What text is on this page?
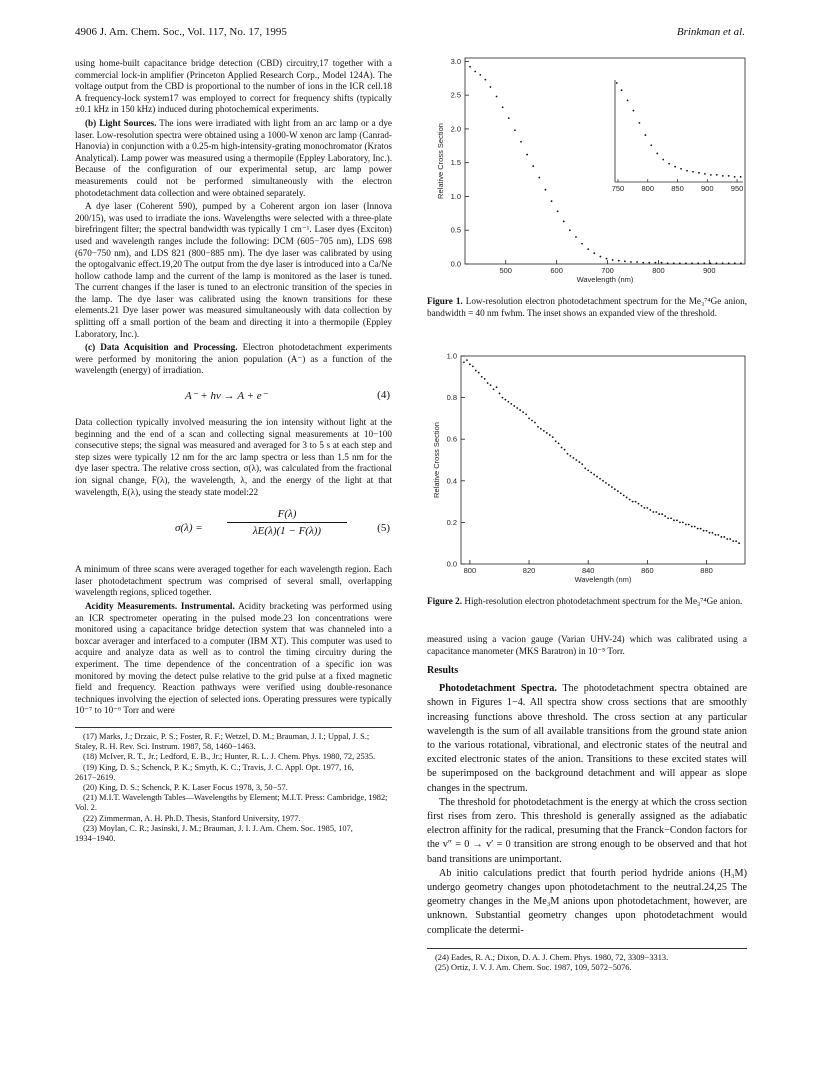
4906 J. Am. Chem. Soc., Vol. 117, No. 17, 1995	Brinkman et al.

using home-built capacitance bridge detection (CBD) circuitry,17 together with a commercial lock-in amplifier (Princeton Applied Research Corp., Model 124A). The voltage output from the CBD is proportional to the number of ions in the ICR cell.18 A frequency-lock system17 was employed to correct for frequency shifts (typically ±0.1 kHz in 150 kHz) induced during photochemical experiments.

(b) Light Sources. The ions were irradiated with light from an arc lamp or a dye laser. Low-resolution spectra were obtained using a 1000-W xenon arc lamp (Canrad-Hanovia) in conjunction with a 0.25-m high-intensity-grating monochromator (Kratos Analytical). Lamp power was measured using a thermopile (Eppley Laboratory, Inc.). Because of the configuration of our experimental setup, arc lamp power measurements could not be performed simultaneously with the electron photodetachment data collection and were obtained separately.

A dye laser (Coherent 590), pumped by a Coherent argon ion laser (Innova 200/15), was used to irradiate the ions. Wavelengths were selected with a three-plate birefringent filter; the spectral bandwidth was typically 1 cm⁻¹. Laser dyes (Exciton) used and wavelength ranges include the following: DCM (605−705 nm), LDS 698 (670−750 nm), and LDS 821 (800−885 nm). The dye laser was calibrated by using the optogalvanic effect.19,20 The output from the dye laser is introduced into a Ca/Ne hollow cathode lamp and the current of the lamp is monitored as the laser is tuned. The current changes if the laser is tuned to an electronic transition of the species in the lamp. The dye laser was calibrated using the known transitions for these elements.21 Dye laser power was measured simultaneously with data collection by splitting off a small portion of the beam and directing it into a thermopile (Eppley Laboratory, Inc.).

(c) Data Acquisition and Processing. Electron photodetachment experiments were performed by monitoring the anion population (A⁻) as a function of the wavelength (energy) of irradiation.

A⁻ + hν → A + e⁻	(4)

Data collection typically involved measuring the ion intensity without light at the beginning and the end of a scan and collecting signal measurements at 10−100 consecutive steps; the signal was measured and averaged for 3 to 5 s at each step and step sizes were typically 12 nm for the arc lamp spectra or less than 1.5 nm for the dye laser spectra. The relative cross section, σ(λ), was calculated from the fractional ion signal change, F(λ), the wavelength, λ, and the energy of the light at that wavelength, E(λ), using the steady state model:22

$\sigma(\lambda) = \frac{F(\lambda)}{\lambda E(\lambda)(1 - F(\lambda))}$	(5)

A minimum of three scans were averaged together for each wavelength region. Each laser photodetachment spectrum was comprised of several small, overlapping wavelength regions, spliced together.

Acidity Measurements. Instrumental. Acidity bracketing was performed using an ICR spectrometer operating in the pulsed mode.23 Ion concentrations were monitored using a capacitance bridge detection system that was channeled into a boxcar averager and interfaced to a computer (IBM XT). This computer was used to acquire and analyze data as well as to control the timing circuitry during the experiment. The time dependence of the concentration of a specific ion was monitored by moving the detect pulse relative to the grid pulse at a fixed magnetic field and frequency. Reaction pathways were verified using double-resonance techniques involving the ejection of selected ions. Operating pressures were typically 10⁻⁷ to 10⁻⁶ Torr and were

(17) Marks, J.; Drzaic, P. S.; Foster, R. F.; Wetzel, D. M.; Brauman, J. I.; Uppal, J. S.; Staley, R. H. Rev. Sci. Instrum. 1987, 58, 1460−1463.

(18) McIver, R. T., Jr.; Ledford, E. B., Jr.; Hunter, R. L. J. Chem. Phys. 1980, 72, 2535.

(19) King, D. S.; Schenck, P. K.; Smyth, K. C.; Travis, J. C. Appl. Opt. 1977, 16, 2617−2619.

(20) King, D. S.; Schenck, P. K. Laser Focus 1978, 3, 50−57.

(21) M.I.T. Wavelength Tables—Wavelengths by Element; M.I.T. Press: Cambridge, 1982; Vol. 2.

(22) Zimmerman, A. H. Ph.D. Thesis, Stanford University, 1977.

(23) Moylan, C. R.; Jasinski, J. M.; Brauman, J. I. J. Am. Chem. Soc. 1985, 107, 1934−1940.

500	600	700	800	900
0.0
0.5
1.0
1.5
2.0
2.5
3.0
Wavelength (nm)
Relative Cross Section	750 800 850 900 950
Figure 1. Low-resolution electron photodetachment spectrum for the Me₃⁷⁴Ge anion, bandwidth = 40 nm fwhm. The inset shows an expanded view of the threshold.
800	820	840	860	880
0.0
0.2
0.4
0.6
0.8
1.0
Wavelength (nm)
Relative Cross Section
Figure 2. High-resolution electron photodetachment spectrum for the Me₃⁷⁴Ge anion.

measured using a vacion gauge (Varian UHV-24) which was calibrated using a capacitance manometer (MKS Baratron) in 10⁻⁵ Torr.

Results

Photodetachment Spectra. The photodetachment spectra obtained are shown in Figures 1−4. All spectra show cross sections that are smoothly increasing functions above threshold. The cross section at any particular wavelength is the sum of all available transitions from the ground state anion to the various rotational, vibrational, and electronic states of the neutral and excited electronic states of the anion. Transitions to these excited states will be superimposed on the background detachment and will appear as slope changes in the spectrum.

The threshold for photodetachment is the energy at which the cross section first rises from zero. This threshold is generally assigned as the adiabatic electron affinity for the radical, presuming that the Franck−Condon factors for the v″ = 0 → v′ = 0 transition are strong enough to be observed and that hot band transitions are unimportant.

Ab initio calculations predict that fourth period hydride anions (H₃M) undergo geometry changes upon photodetachment to the neutral.24,25 The geometry changes in the Me₃M anions upon photodetachment, however, are unknown. Substantial geometry changes upon photodetachment would complicate the determi-

(24) Eades, R. A.; Dixon, D. A. J. Chem. Phys. 1980, 72, 3309−3313.

(25) Ortiz, J. V. J. Am. Chem. Soc. 1987, 109, 5072−5076.
